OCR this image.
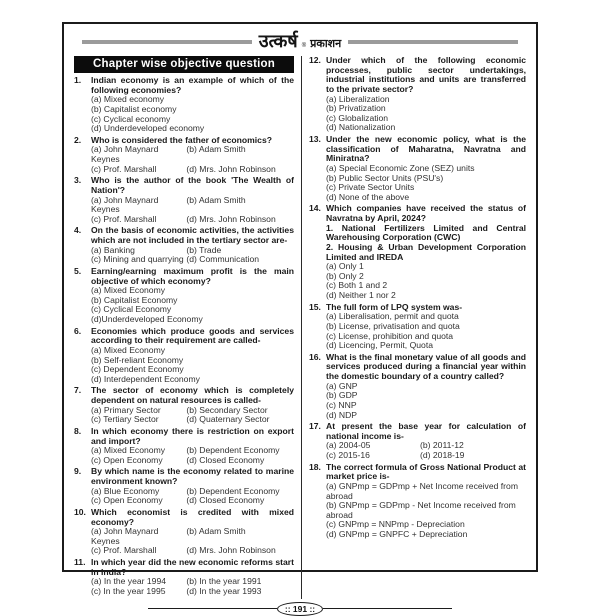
उत्कर्ष ® प्रकाशन
Chapter wise objective question
1.	Indian economy is an example of which of the following economies?
(a) Mixed economy
(b) Capitalist economy
(c) Cyclical economy
(d) Underdeveloped economy
2.	Who is considered the father of economics?
(a) John Maynard Keynes
(b) Adam Smith
(c) Prof. Marshall	(d) Mrs. John Robinson
3.	Who is the author of the book 'The Wealth of Nation'?
(a) John Maynard Keynes
(b) Adam Smith
(c) Prof. Marshall	(d) Mrs. John Robinson
4.	On the basis of economic activities, the activities which are not included in the tertiary sector are-
(a) Banking	(b) Trade
(c) Mining and quarrying (d) Communication
5.	Earning/earning maximum profit is the main objective of which economy?
(a) Mixed Economy
(b) Capitalist Economy
(c) Cyclical Economy
(d)Underdeveloped Economy
6.	Economies which produce goods and services according to their requirement are called-
(a) Mixed Economy
(b) Self-reliant Economy
(c) Dependent Economy
(d) Interdependent Economy
7.	The sector of economy which is completely dependent on natural resources is called-
(a) Primary Sector	(b) Secondary Sector
(c) Tertiary Sector	(d) Quaternary Sector
8.	In which economy there is restriction on export and import?
(a) Mixed Economy	(b) Dependent Economy
(c) Open Economy	(d) Closed Economy
9.	By which name is the economy related to marine environment known?
(a) Blue Economy	(b) Dependent Economy
(c) Open Economy	(d) Closed Economy
10. Which economist is credited with mixed economy?
(a) John Maynard Keynes
(b) Adam Smith
(c) Prof. Marshall	(d) Mrs. John Robinson
11. In which year did the new economic reforms start in India?
(a) In the year 1994	(b) In the year 1991
(c) In the year 1995	(d) In the year 1993
12. Under which of the following economic processes, public sector undertakings, industrial institutions and units are transferred to the private sector?
(a) Liberalization
(b) Privatization
(c) Globalization
(d) Nationalization
13. Under the new economic policy, what is the classification of Maharatna, Navratna and Miniratna?
(a) Special Economic Zone (SEZ) units
(b) Public Sector Units (PSU's)
(c) Private Sector Units
(d) None of the above
14. Which companies have received the status of Navratna by April, 2024?
1. National Fertilizers Limited and Central Warehousing Corporation (CWC)
2. Housing & Urban Development Corporation Limited and IREDA
(a) Only 1
(b) Only 2
(c) Both 1 and 2
(d) Neither 1 nor 2
15. The full form of LPQ system was-
(a) Liberalisation, permit and quota
(b) License, privatisation and quota
(c) License, prohibition and quota
(d) Licencing, Permit, Quota
16. What is the final monetary value of all goods and services produced during a financial year within the domestic boundary of a country called?
(a) GNP
(b) GDP
(c) NNP
(d) NDP
17. At present the base year for calculation of national income is-
(a) 2004-05	(b) 2011-12
(c) 2015-16	(d) 2018-19
18. The correct formula of Gross National Product at market price is-
(a) GNPmp = GDPmp + Net Income received from abroad
(b) GNPmp = GDPmp - Net Income received from abroad
(c) GNPmp = NNPmp - Depreciation
(d) GNPmp = GNPFC + Depreciation
:: 191 ::
